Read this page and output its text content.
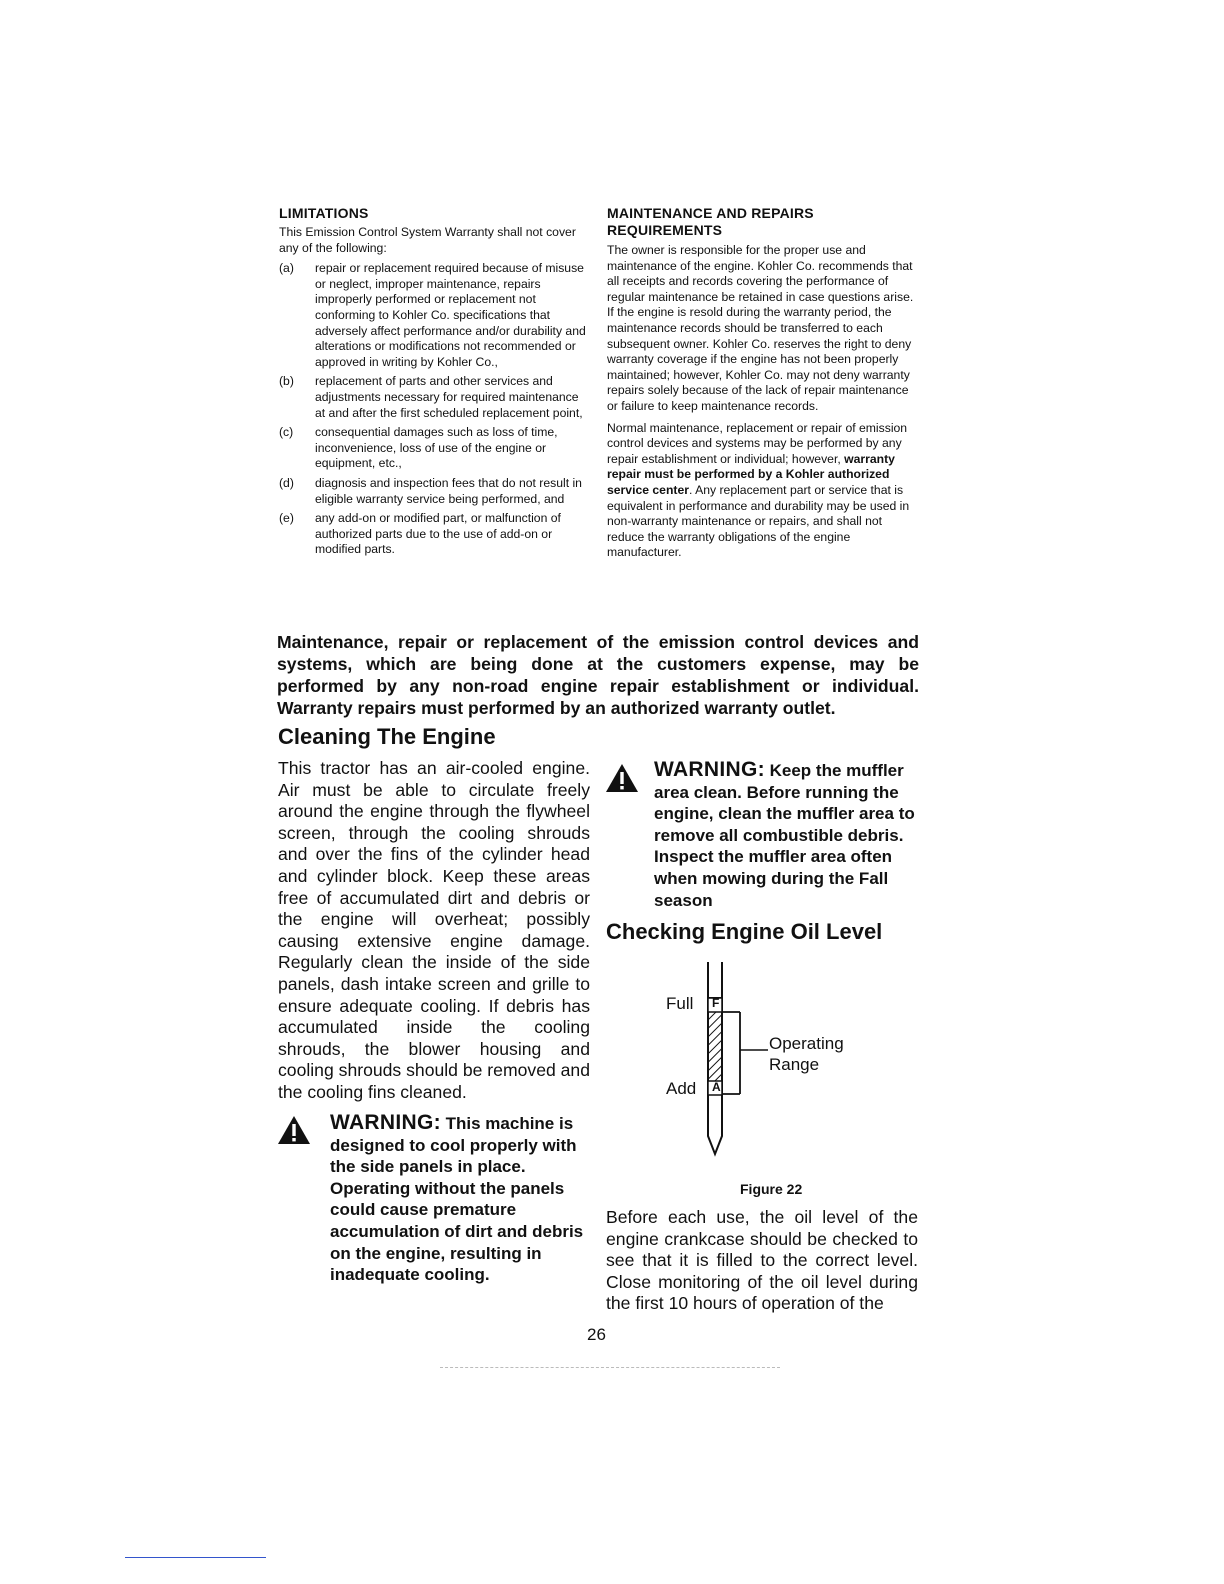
LIMITATIONS

This Emission Control System Warranty shall not cover any of the following:

(a) repair or replacement required because of misuse or neglect, improper maintenance, repairs improperly performed or replacement not conforming to Kohler Co. specifications that adversely affect performance and/or durability and alterations or modifications not recommended or approved in writing by Kohler Co.,
(b) replacement of parts and other services and adjustments necessary for required maintenance at and after the first scheduled replacement point,
(c) consequential damages such as loss of time, inconvenience, loss of use of the engine or equipment, etc.,
(d) diagnosis and inspection fees that do not result in eligible warranty service being performed, and
(e) any add-on or modified part, or malfunction of authorized parts due to the use of add-on or modified parts.
MAINTENANCE AND REPAIRS REQUIREMENTS

The owner is responsible for the proper use and maintenance of the engine. Kohler Co. recommends that all receipts and records covering the performance of regular maintenance be retained in case questions arise. If the engine is resold during the warranty period, the maintenance records should be transferred to each subsequent owner. Kohler Co. reserves the right to deny warranty coverage if the engine has not been properly maintained; however, Kohler Co. may not deny warranty repairs solely because of the lack of repair maintenance or failure to keep maintenance records.

Normal maintenance, replacement or repair of emission control devices and systems may be performed by any repair establishment or individual; however, warranty repair must be performed by a Kohler authorized service center. Any replacement part or service that is equivalent in performance and durability may be used in non-warranty maintenance or repairs, and shall not reduce the warranty obligations of the engine manufacturer.

Maintenance, repair or replacement of the emission control devices and systems, which are being done at the customers expense, may be performed by any non-road engine repair establishment or individual. Warranty repairs must performed by an authorized warranty outlet.
Cleaning The Engine
This tractor has an air-cooled engine. Air must be able to circulate freely around the engine through the flywheel screen, through the cooling shrouds and over the fins of the cylinder head and cylinder block. Keep these areas free of accumulated dirt and debris or the engine will overheat; possibly causing extensive engine damage. Regularly clean the inside of the side panels, dash intake screen and grille to ensure adequate cooling. If debris has accumulated inside the cooling shrouds, the blower housing and cooling shrouds should be removed and the cooling fins cleaned.
WARNING: This machine is designed to cool properly with the side panels in place. Operating without the panels could cause premature accumulation of dirt and debris on the engine, resulting in inadequate cooling.
WARNING: Keep the muffler area clean. Before running the engine, clean the muffler area to remove all combustible debris. Inspect the muffler area often when mowing during the Fall season
Checking Engine Oil Level
Full F
Add A
Operating
Range
Figure 22
Before each use, the oil level of the engine crankcase should be checked to see that it is filled to the correct level. Close monitoring of the oil level during the first 10 hours of operation of the
26
